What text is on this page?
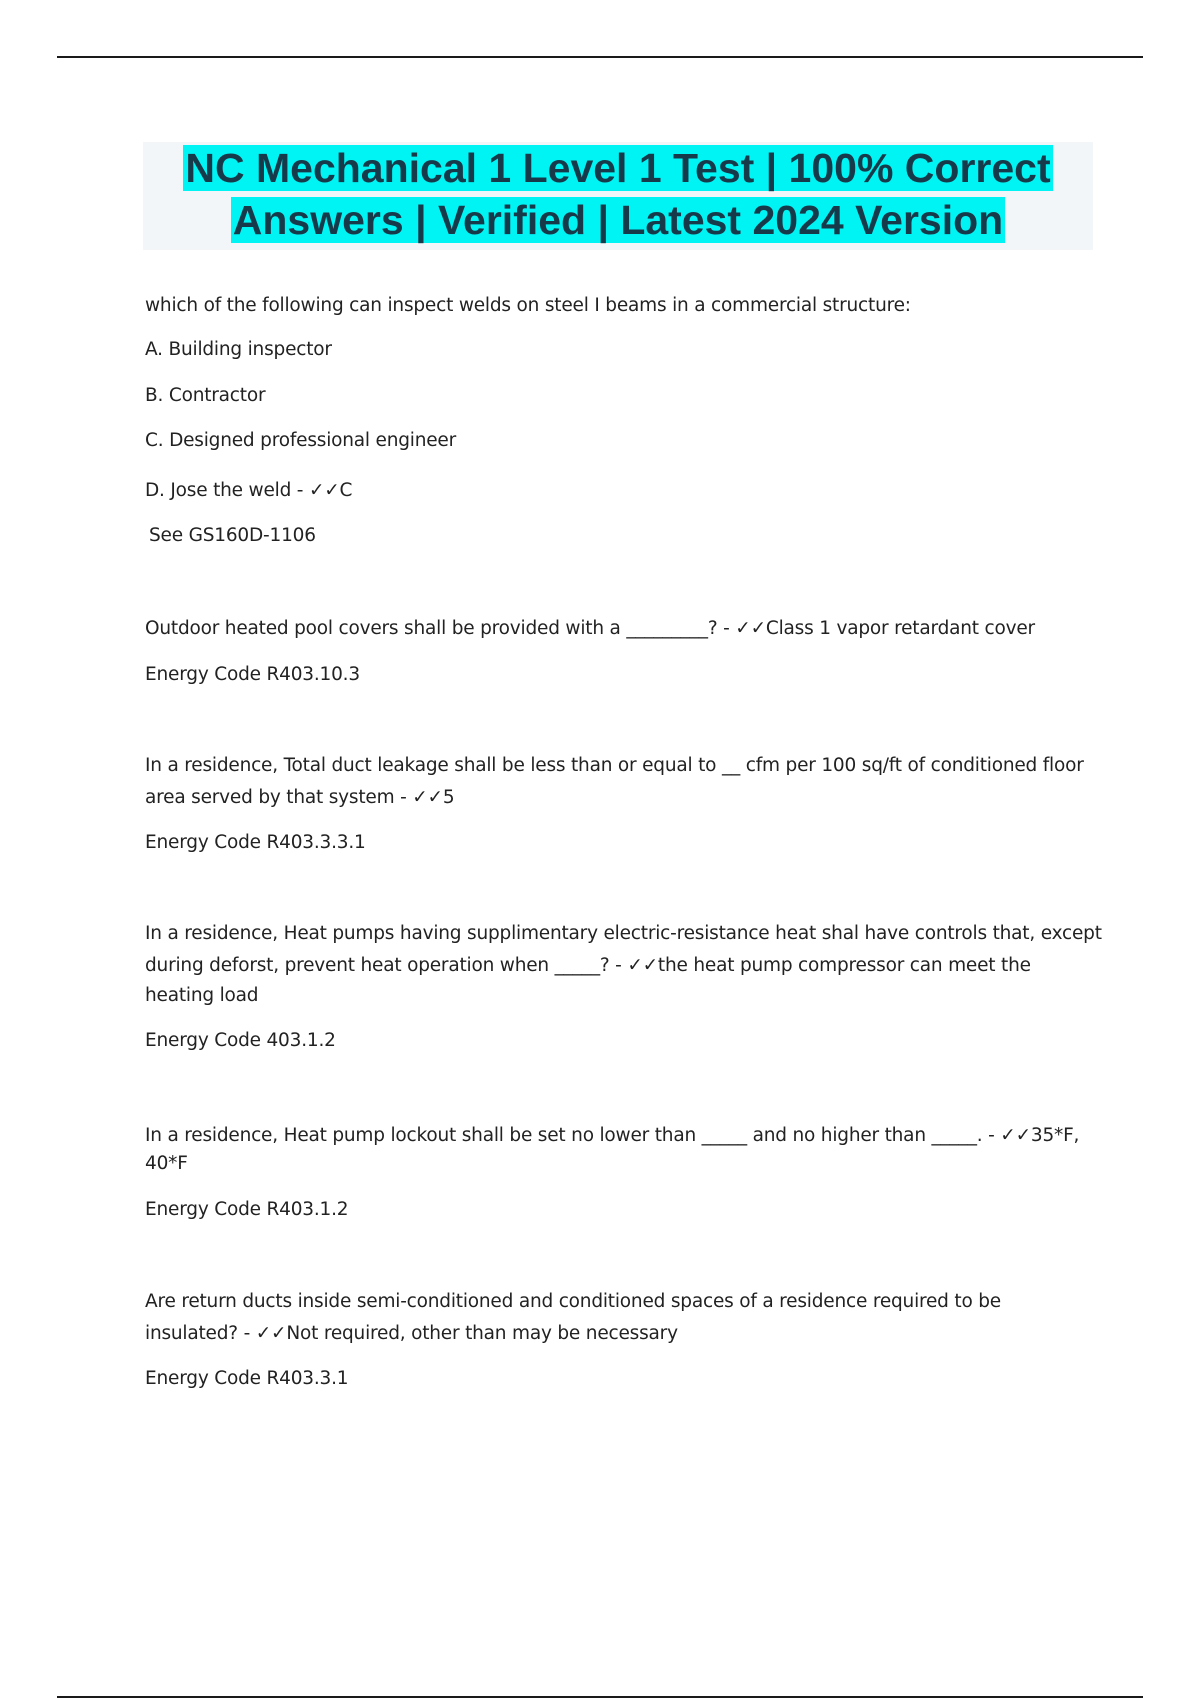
NC Mechanical 1 Level 1 Test | 100% Correct

Answers | Verified | Latest 2024 Version

which of the following can inspect welds on steel I beams in a commercial structure:
A. Building inspector
B. Contractor
C. Designed professional engineer
D. Jose the weld - ✓✓C
See GS160D-1106
Outdoor heated pool covers shall be provided with a _________? - ✓✓Class 1 vapor retardant cover
Energy Code R403.10.3
In a residence, Total duct leakage shall be less than or equal to __ cfm per 100 sq/ft of conditioned floor
area served by that system - ✓✓5
Energy Code R403.3.3.1
In a residence, Heat pumps having supplimentary electric-resistance heat shal have controls that, except
during deforst, prevent heat operation when _____? - ✓✓the heat pump compressor can meet the
heating load
Energy Code 403.1.2
In a residence, Heat pump lockout shall be set no lower than _____ and no higher than _____. - ✓✓35*F,
40*F
Energy Code R403.1.2
Are return ducts inside semi-conditioned and conditioned spaces of a residence required to be
insulated? - ✓✓Not required, other than may be necessary
Energy Code R403.3.1
